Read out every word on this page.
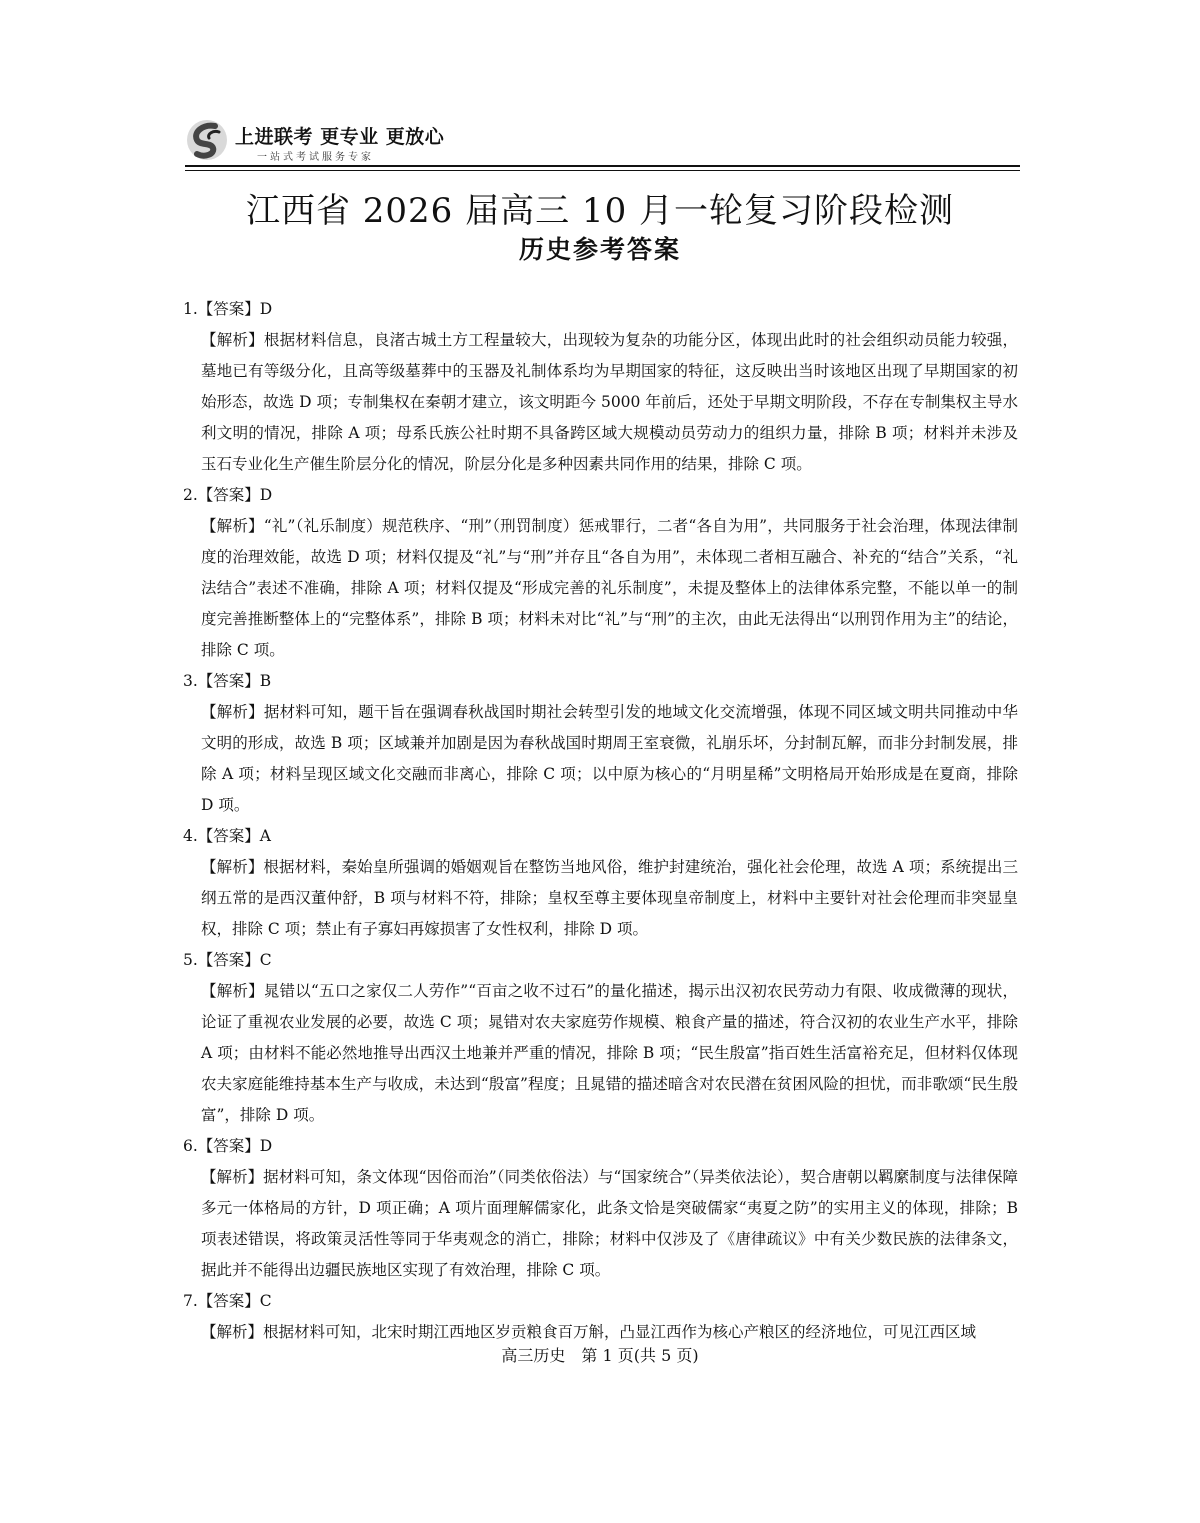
上进联考 更专业 更放心
一站式考试服务专家
江西省 2026 届高三 10 月一轮复习阶段检测
历史参考答案
1.【答案】D

【解析】根据材料信息，良渚古城土方工程量较大，出现较为复杂的功能分区，体现出此时的社会组织动员能力较强，墓地已有等级分化，且高等级墓葬中的玉器及礼制体系均为早期国家的特征，这反映出当时该地区出现了早期国家的初始形态，故选 D 项；专制集权在秦朝才建立，该文明距今 5000 年前后，还处于早期文明阶段，不存在专制集权主导水利文明的情况，排除 A 项；母系氏族公社时期不具备跨区域大规模动员劳动力的组织力量，排除 B 项；材料并未涉及玉石专业化生产催生阶层分化的情况，阶层分化是多种因素共同作用的结果，排除 C 项。

2.【答案】D

【解析】“礼”（礼乐制度）规范秩序、“刑”（刑罚制度）惩戒罪行，二者“各自为用”，共同服务于社会治理，体现法律制度的治理效能，故选 D 项；材料仅提及“礼”与“刑”并存且“各自为用”，未体现二者相互融合、补充的“结合”关系，“礼法结合”表述不准确，排除 A 项；材料仅提及“形成完善的礼乐制度”，未提及整体上的法律体系完整，不能以单一的制度完善推断整体上的“完整体系”，排除 B 项；材料未对比“礼”与“刑”的主次，由此无法得出“以刑罚作用为主”的结论，排除 C 项。

3.【答案】B

【解析】据材料可知，题干旨在强调春秋战国时期社会转型引发的地域文化交流增强，体现不同区域文明共同推动中华文明的形成，故选 B 项；区域兼并加剧是因为春秋战国时期周王室衰微，礼崩乐坏，分封制瓦解，而非分封制发展，排除 A 项；材料呈现区域文化交融而非离心，排除 C 项；以中原为核心的“月明星稀”文明格局开始形成是在夏商，排除 D 项。

4.【答案】A

【解析】根据材料，秦始皇所强调的婚姻观旨在整饬当地风俗，维护封建统治，强化社会伦理，故选 A 项；系统提出三纲五常的是西汉董仲舒，B 项与材料不符，排除；皇权至尊主要体现皇帝制度上，材料中主要针对社会伦理而非突显皇权，排除 C 项；禁止有子寡妇再嫁损害了女性权利，排除 D 项。

5.【答案】C

【解析】晁错以“五口之家仅二人劳作”“百亩之收不过石”的量化描述，揭示出汉初农民劳动力有限、收成微薄的现状，论证了重视农业发展的必要，故选 C 项；晁错对农夫家庭劳作规模、粮食产量的描述，符合汉初的农业生产水平，排除 A 项；由材料不能必然地推导出西汉土地兼并严重的情况，排除 B 项；“民生殷富”指百姓生活富裕充足，但材料仅体现农夫家庭能维持基本生产与收成，未达到“殷富”程度；且晁错的描述暗含对农民潜在贫困风险的担忧，而非歌颂“民生殷富”，排除 D 项。

6.【答案】D

【解析】据材料可知，条文体现“因俗而治”（同类依俗法）与“国家统合”（异类依法论），契合唐朝以羁縻制度与法律保障多元一体格局的方针，D 项正确；A 项片面理解儒家化，此条文恰是突破儒家“夷夏之防”的实用主义的体现，排除；B 项表述错误，将政策灵活性等同于华夷观念的消亡，排除；材料中仅涉及了《唐律疏议》中有关少数民族的法律条文，据此并不能得出边疆民族地区实现了有效治理，排除 C 项。

7.【答案】C

【解析】根据材料可知，北宋时期江西地区岁贡粮食百万斛，凸显江西作为核心产粮区的经济地位，可见江西区域

高三历史　第 1 页(共 5 页)
